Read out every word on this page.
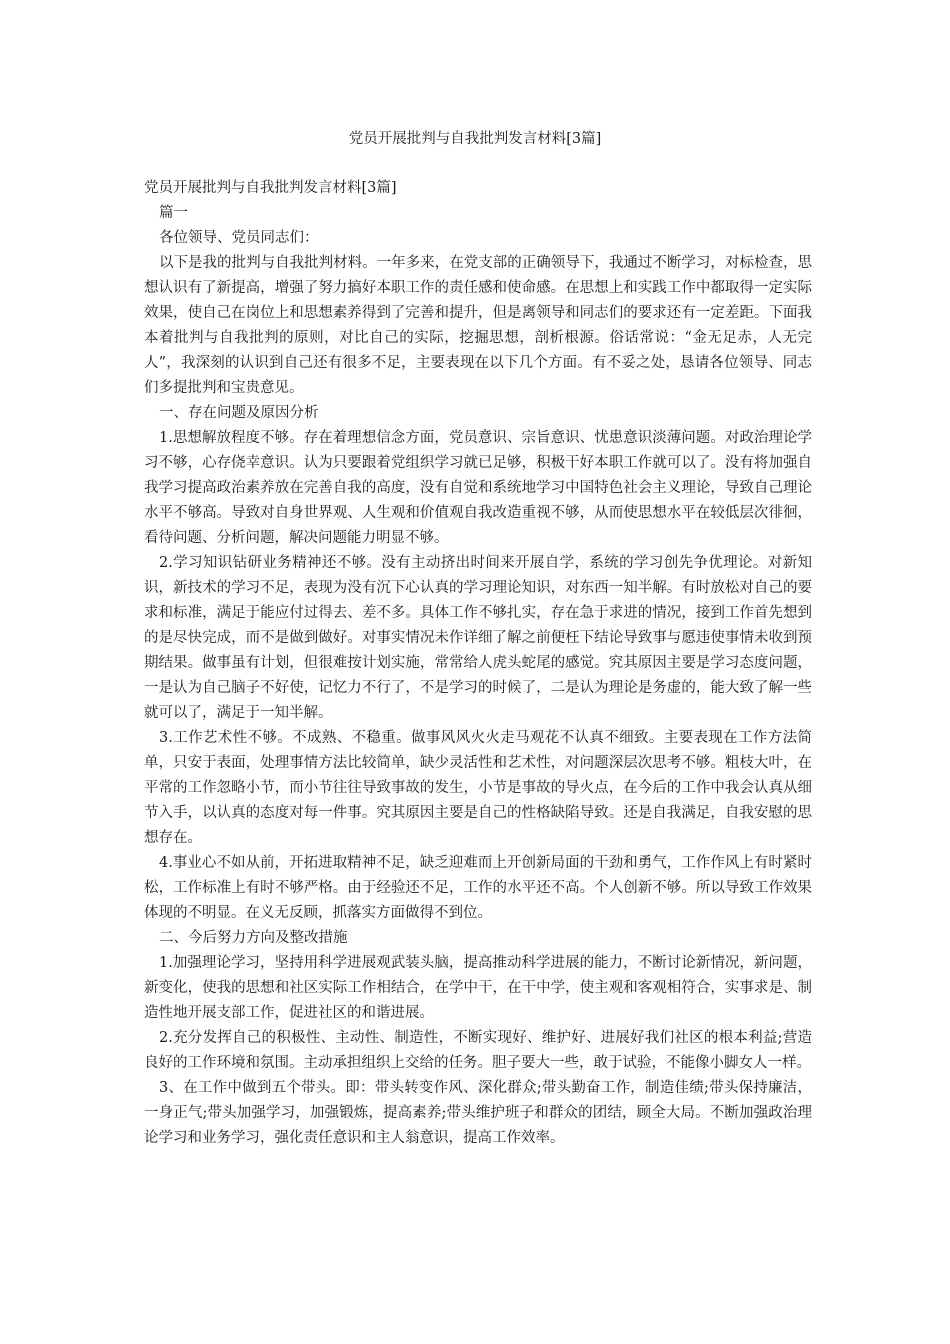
党员开展批判与自我批判发言材料[3篇]

党员开展批判与自我批判发言材料[3篇]

篇一

各位领导、党员同志们：

以下是我的批判与自我批判材料。一年多来，在党支部的正确领导下，我通过不断学习，对标检查，思想认识有了新提高，增强了努力搞好本职工作的责任感和使命感。在思想上和实践工作中都取得一定实际效果，使自己在岗位上和思想素养得到了完善和提升，但是离领导和同志们的要求还有一定差距。下面我本着批判与自我批判的原则，对比自己的实际，挖掘思想，剖析根源。俗话常说：“金无足赤，人无完人”，我深刻的认识到自己还有很多不足，主要表现在以下几个方面。有不妥之处，恳请各位领导、同志们多提批判和宝贵意见。

一、存在问题及原因分析

1.思想解放程度不够。存在着理想信念方面，党员意识、宗旨意识、忧患意识淡薄问题。对政治理论学习不够，心存侥幸意识。认为只要跟着党组织学习就已足够，积极干好本职工作就可以了。没有将加强自我学习提高政治素养放在完善自我的高度，没有自觉和系统地学习中国特色社会主义理论，导致自己理论水平不够高。导致对自身世界观、人生观和价值观自我改造重视不够，从而使思想水平在较低层次徘徊，看待问题、分析问题，解决问题能力明显不够。

2.学习知识钻研业务精神还不够。没有主动挤出时间来开展自学，系统的学习创先争优理论。对新知识，新技术的学习不足，表现为没有沉下心认真的学习理论知识，对东西一知半解。有时放松对自己的要求和标准，满足于能应付过得去、差不多。具体工作不够扎实，存在急于求进的情况，接到工作首先想到的是尽快完成，而不是做到做好。对事实情况未作详细了解之前便枉下结论导致事与愿违使事情未收到预期结果。做事虽有计划，但很难按计划实施，常常给人虎头蛇尾的感觉。究其原因主要是学习态度问题，一是认为自己脑子不好使，记忆力不行了，不是学习的时候了，二是认为理论是务虚的，能大致了解一些就可以了，满足于一知半解。

3.工作艺术性不够。不成熟、不稳重。做事风风火火走马观花不认真不细致。主要表现在工作方法简单，只安于表面，处理事情方法比较简单，缺少灵活性和艺术性，对问题深层次思考不够。粗枝大叶，在平常的工作忽略小节，而小节往往导致事故的发生，小节是事故的导火点，在今后的工作中我会认真从细节入手，以认真的态度对每一件事。究其原因主要是自己的性格缺陷导致。还是自我满足，自我安慰的思想存在。

4.事业心不如从前，开拓进取精神不足，缺乏迎难而上开创新局面的干劲和勇气，工作作风上有时紧时松，工作标准上有时不够严格。由于经验还不足，工作的水平还不高。个人创新不够。所以导致工作效果体现的不明显。在义无反顾，抓落实方面做得不到位。

二、今后努力方向及整改措施

1.加强理论学习，坚持用科学进展观武装头脑，提高推动科学进展的能力，不断讨论新情况，新问题，新变化，使我的思想和社区实际工作相结合，在学中干，在干中学，使主观和客观相符合，实事求是、制造性地开展支部工作，促进社区的和谐进展。

2.充分发挥自己的积极性、主动性、制造性，不断实现好、维护好、进展好我们社区的根本利益;营造良好的工作环境和氛围。主动承担组织上交给的任务。胆子要大一些，敢于试验，不能像小脚女人一样。

3、在工作中做到五个带头。即：带头转变作风、深化群众;带头勤奋工作，制造佳绩;带头保持廉洁，一身正气;带头加强学习，加强锻炼，提高素养;带头维护班子和群众的团结，顾全大局。不断加强政治理论学习和业务学习，强化责任意识和主人翁意识，提高工作效率。
